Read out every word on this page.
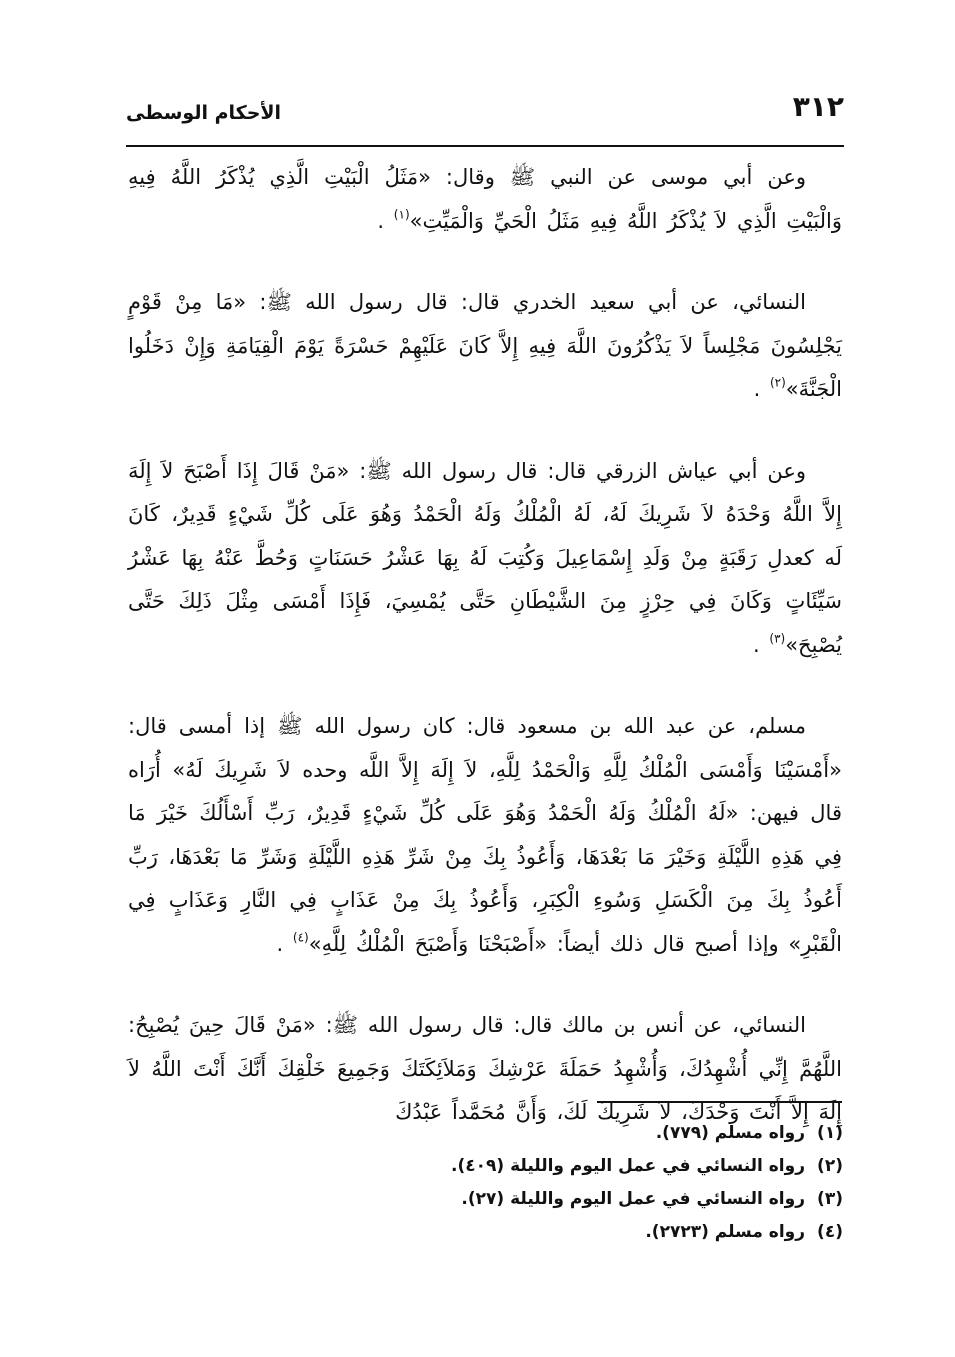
٣١٢
الأحكام الوسطى

وعن أبي موسى عن النبي ﷺ وقال: «مَثَلُ الْبَيْتِ الَّذِي يُذْكَرُ اللَّهُ فِيهِ وَالْبَيْتِ الَّذِي لاَ يُذْكَرُ اللَّهُ فِيهِ مَثَلُ الْحَيِّ وَالْمَيِّتِ»$^{(١)}$ .

النسائي، عن أبي سعيد الخدري قال: قال رسول الله ﷺ: «مَا مِنْ قَوْمٍ يَجْلِسُونَ مَجْلِساً لاَ يَذْكُرُونَ اللَّهَ فِيهِ إِلاَّ كَانَ عَلَيْهِمْ حَسْرَةً يَوْمَ الْقِيَامَةِ وَإِنْ دَخَلُوا الْجَنَّةَ»$^{(٢)}$ .

وعن أبي عياش الزرقي قال: قال رسول الله ﷺ: «مَنْ قَالَ إِذَا أَصْبَحَ لاَ إِلَهَ إِلاَّ اللَّهُ وَحْدَهُ لاَ شَرِيكَ لَهُ، لَهُ الْمُلْكُ وَلَهُ الْحَمْدُ وَهُوَ عَلَى كُلِّ شَيْءٍ قَدِيرٌ، كَانَ لَه كعدلِ رَقَبَةٍ مِنْ وَلَدِ إِسْمَاعِيلَ وَكُتِبَ لَهُ بِهَا عَشْرُ حَسَنَاتٍ وَحُطَّ عَنْهُ بِهَا عَشْرُ سَيِّئَاتٍ وَكَانَ فِي حِرْزٍ مِنَ الشَّيْطَانِ حَتَّى يُمْسِيَ، فَإِذَا أَمْسَى مِثْلَ ذَلِكَ حَتَّى يُصْبِحَ»$^{(٣)}$ .

مسلم، عن عبد الله بن مسعود قال: كان رسول الله ﷺ إذا أمسى قال: «أَمْسَيْنَا وَأَمْسَى الْمُلْكُ لِلَّهِ وَالْحَمْدُ لِلَّهِ، لاَ إِلَهَ إِلاَّ اللَّه وحده لاَ شَرِيكَ لَهُ» أُرَاه قال فيهن: «لَهُ الْمُلْكُ وَلَهُ الْحَمْدُ وَهُوَ عَلَى كُلِّ شَيْءٍ قَدِيرٌ، رَبِّ أَسْأَلُكَ خَيْرَ مَا فِي هَذِهِ اللَّيْلَةِ وَخَيْرَ مَا بَعْدَهَا، وَأَعُوذُ بِكَ مِنْ شَرِّ هَذِهِ اللَّيْلَةِ وَشَرِّ مَا بَعْدَهَا، رَبِّ أَعُوذُ بِكَ مِنَ الْكَسَلِ وَسُوءِ الْكِبَرِ، وَأَعُوذُ بِكَ مِنْ عَذَابٍ فِي النَّارِ وَعَذَابٍ فِي الْقَبْرِ» وإذا أصبح قال ذلك أيضاً: «أَصْبَحْنَا وَأَصْبَحَ الْمُلْكُ لِلَّهِ»$^{(٤)}$ .

النسائي، عن أنس بن مالك قال: قال رسول الله ﷺ: «مَنْ قَالَ حِينَ يُصْبِحُ: اللَّهُمَّ إِنِّي أُشْهِدُكَ، وَأُشْهِدُ حَمَلَةَ عَرْشِكَ وَمَلاَئِكَتَكَ وَجَمِيعَ خَلْقِكَ أَنَّكَ أَنْتَ اللَّهُ لاَ إِلَهَ إِلاَّ أَنْتَ وَحْدَكَ، لاَ شَرِيكَ لَكَ، وَأَنَّ مُحَمَّداً عَبْدُكَ

(١)رواه مسلم (٧٧٩).
(٢)رواه النسائي في عمل اليوم والليلة (٤٠٩).
(٣)رواه النسائي في عمل اليوم والليلة (٢٧).
(٤)رواه مسلم (٢٧٢٣).
